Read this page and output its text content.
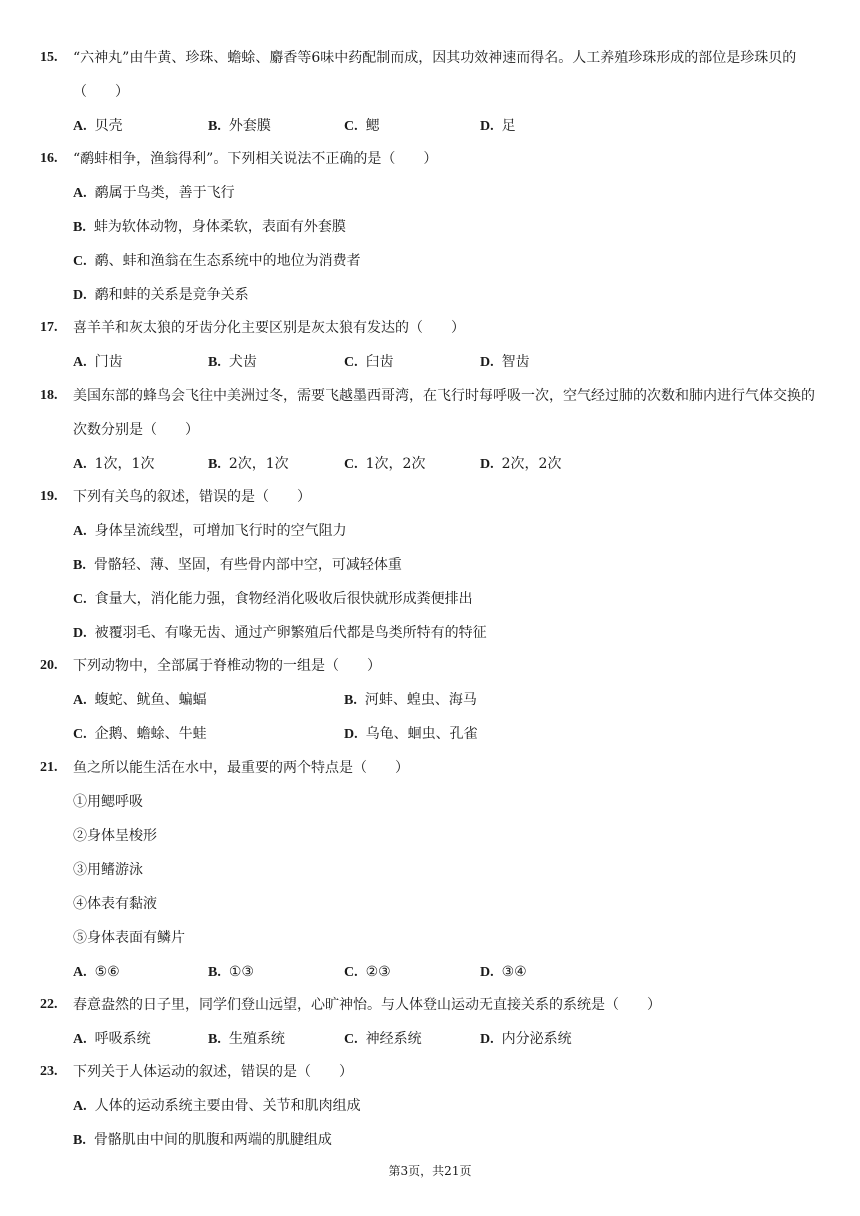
15. “六神丸”由牛黄、珍珠、蟾蜍、麝香等6味中药配制而成，因其功效神速而得名。人工养殖珍珠形成的部位是珍珠贝的（　　）
A. 贝壳	B. 外套膜	C. 鳃	D. 足
16. “鹬蚌相争，渔翁得利”。下列相关说法不正确的是（　　）
A. 鹬属于鸟类，善于飞行
B. 蚌为软体动物，身体柔软，表面有外套膜
C. 鹬、蚌和渔翁在生态系统中的地位为消费者
D. 鹬和蚌的关系是竞争关系
17. 喜羊羊和灰太狼的牙齿分化主要区别是灰太狼有发达的（　　）
A. 门齿	B. 犬齿	C. 臼齿	D. 智齿
18. 美国东部的蜂鸟会飞往中美洲过冬，需要飞越墨西哥湾，在飞行时每呼吸一次，空气经过肺的次数和肺内进行气体交换的次数分别是（　　）
A. 1次，1次	B. 2次，1次	C. 1次，2次	D. 2次，2次
19. 下列有关鸟的叙述，错误的是（　　）
A. 身体呈流线型，可增加飞行时的空气阻力
B. 骨骼轻、薄、坚固，有些骨内部中空，可减轻体重
C. 食量大，消化能力强，食物经消化吸收后很快就形成粪便排出
D. 被覆羽毛、有喙无齿、通过产卵繁殖后代都是鸟类所特有的特征
20. 下列动物中，全部属于脊椎动物的一组是（　　）
A. 蝮蛇、鱿鱼、蝙蝠	B. 河蚌、蝗虫、海马
C. 企鹅、蟾蜍、牛蛙	D. 乌龟、蛔虫、孔雀
21. 鱼之所以能生活在水中，最重要的两个特点是（　　）
①用鳃呼吸
②身体呈梭形
③用鳍游泳
④体表有黏液
⑤身体表面有鳞片
A. ⑤⑥	B. ①③	C. ②③	D. ③④
22. 春意盎然的日子里，同学们登山远望，心旷神怡。与人体登山运动无直接关系的系统是（　　）
A. 呼吸系统	B. 生殖系统	C. 神经系统	D. 内分泌系统
23. 下列关于人体运动的叙述，错误的是（　　）
A. 人体的运动系统主要由骨、关节和肌肉组成
B. 骨骼肌由中间的肌腹和两端的肌腱组成
第3页，共21页
